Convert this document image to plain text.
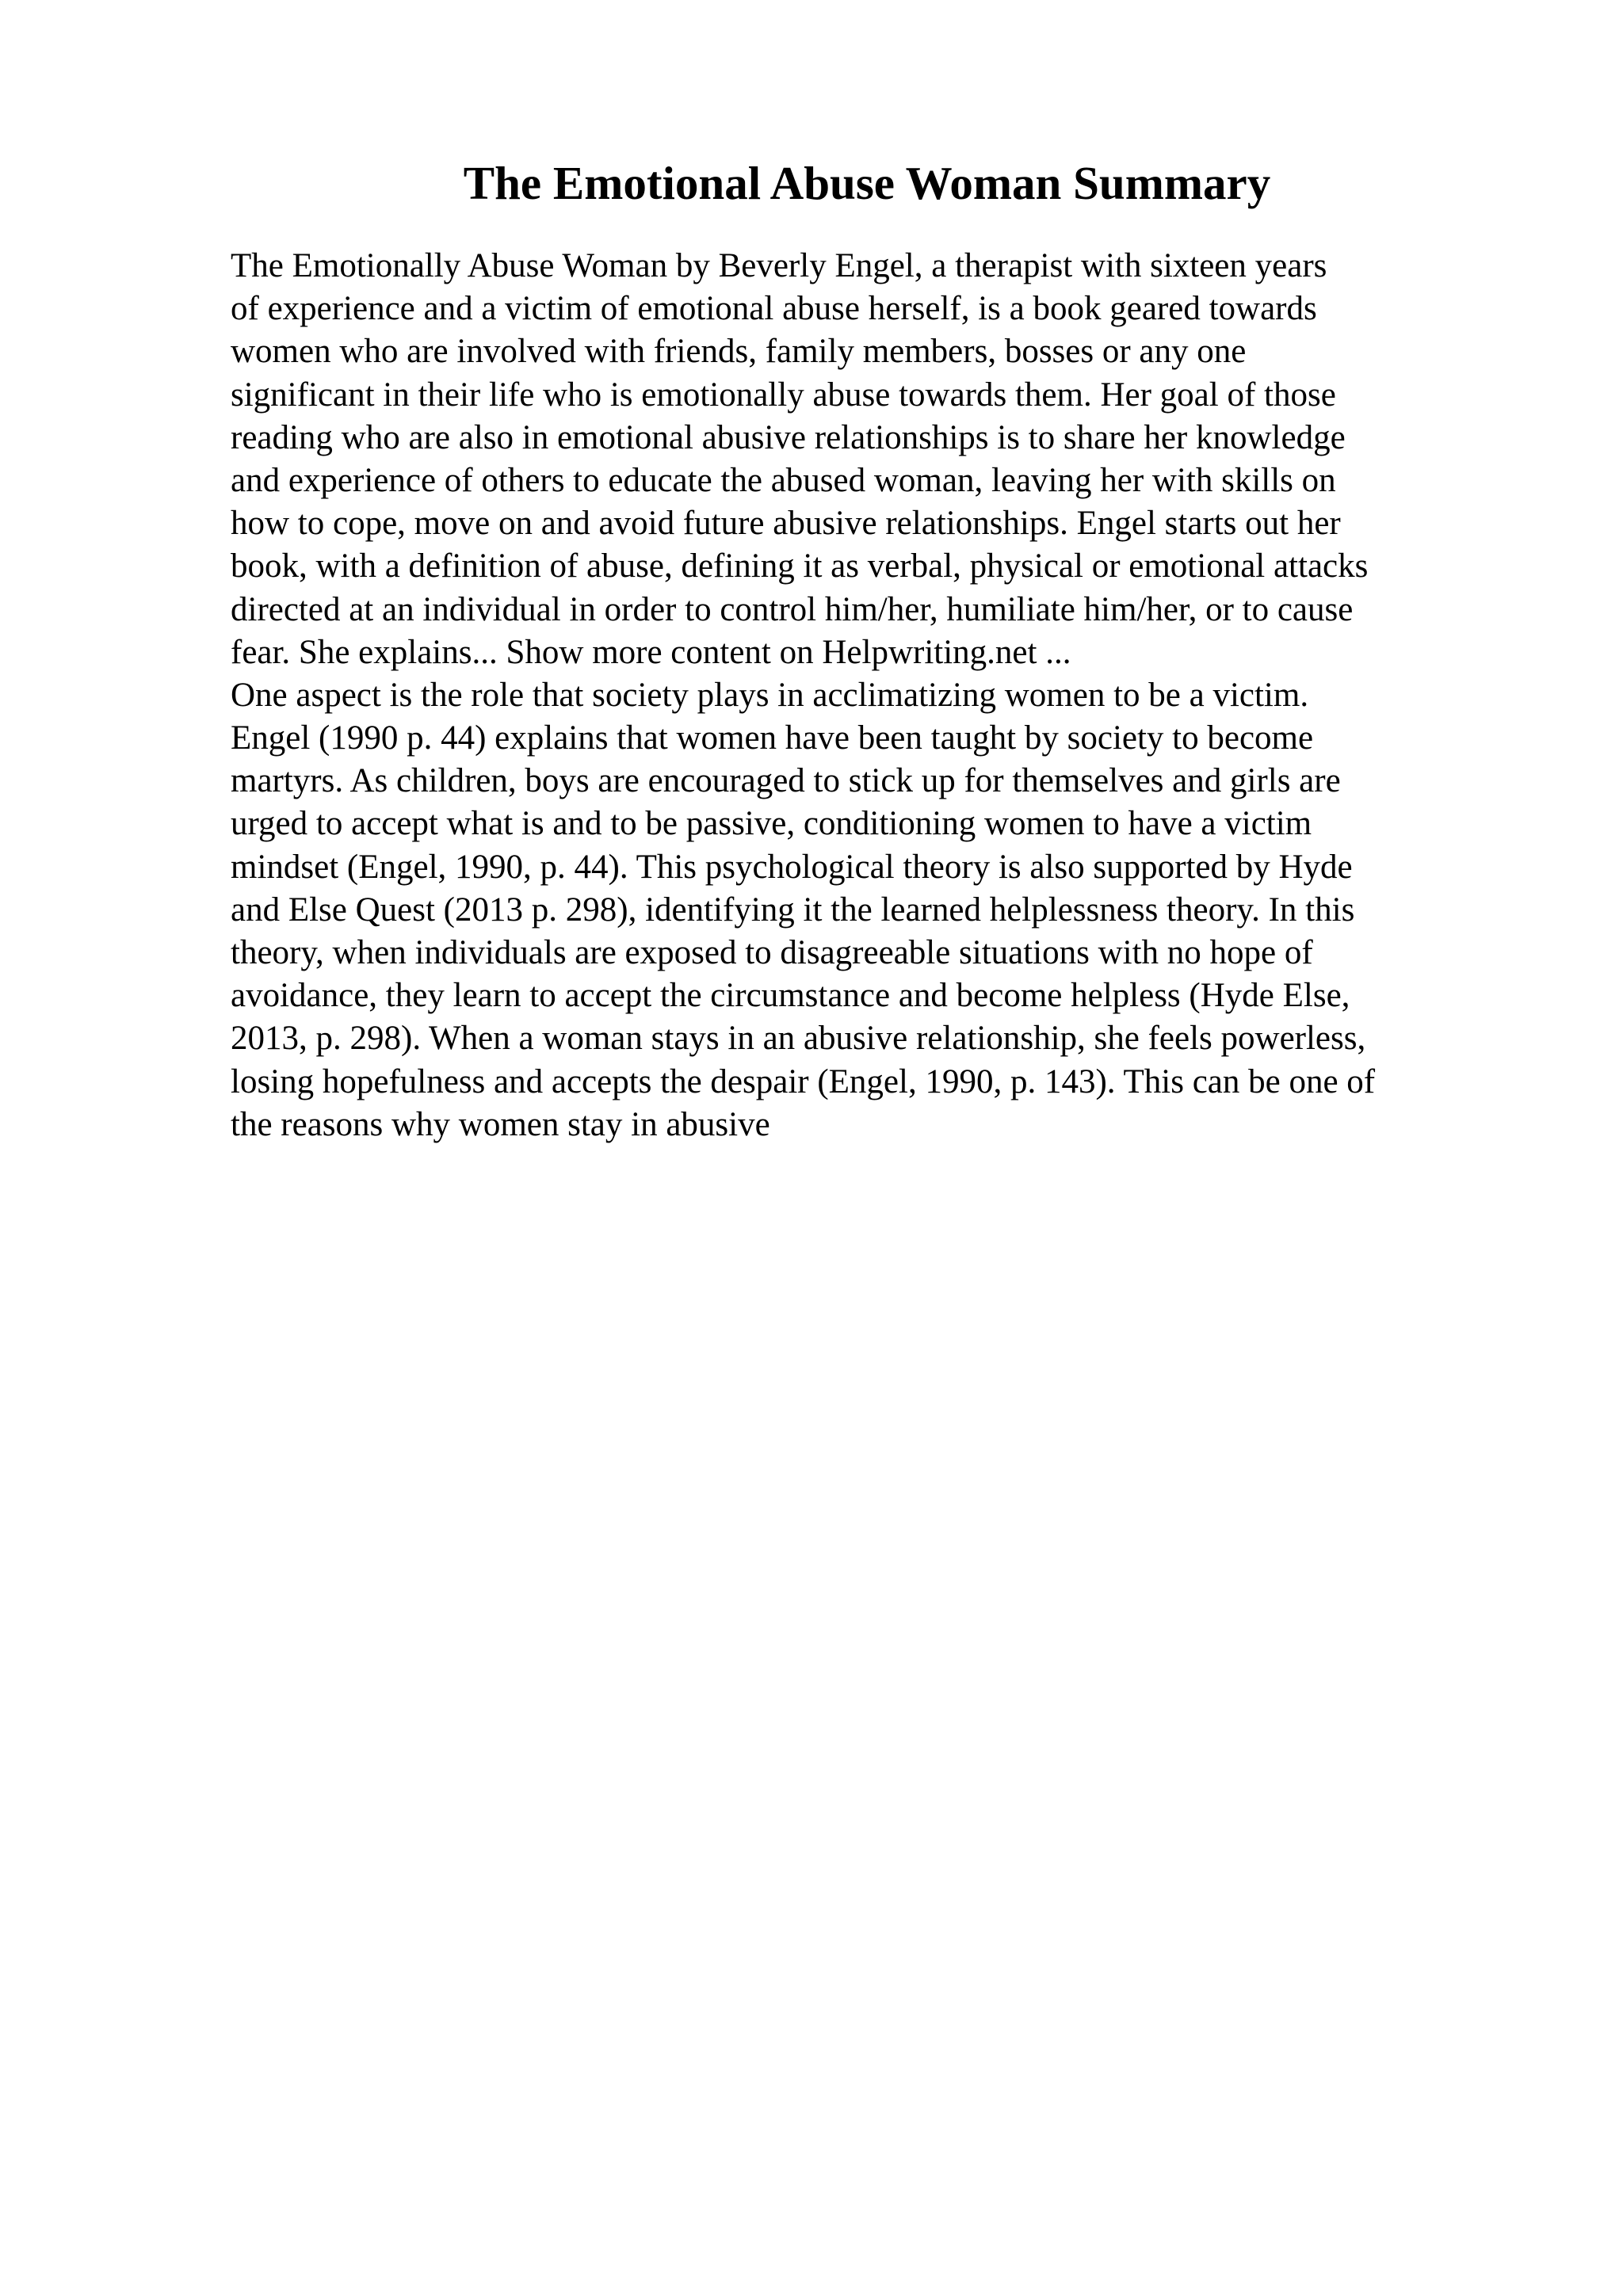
The Emotional Abuse Woman Summary
The Emotionally Abuse Woman by Beverly Engel, a therapist with sixteen years
of experience and a victim of emotional abuse herself, is a book geared towards
women who are involved with friends, family members, bosses or any one
significant in their life who is emotionally abuse towards them. Her goal of those
reading who are also in emotional abusive relationships is to share her knowledge
and experience of others to educate the abused woman, leaving her with skills on
how to cope, move on and avoid future abusive relationships. Engel starts out her
book, with a definition of abuse, defining it as verbal, physical or emotional attacks
directed at an individual in order to control him/her, humiliate him/her, or to cause
fear. She explains... Show more content on Helpwriting.net ...
One aspect is the role that society plays in acclimatizing women to be a victim.
Engel (1990 p. 44) explains that women have been taught by society to become
martyrs. As children, boys are encouraged to stick up for themselves and girls are
urged to accept what is and to be passive, conditioning women to have a victim
mindset (Engel, 1990, p. 44). This psychological theory is also supported by Hyde
and Else Quest (2013 p. 298), identifying it the learned helplessness theory. In this
theory, when individuals are exposed to disagreeable situations with no hope of
avoidance, they learn to accept the circumstance and become helpless (Hyde Else,
2013, p. 298). When a woman stays in an abusive relationship, she feels powerless,
losing hopefulness and accepts the despair (Engel, 1990, p. 143). This can be one of
the reasons why women stay in abusive
